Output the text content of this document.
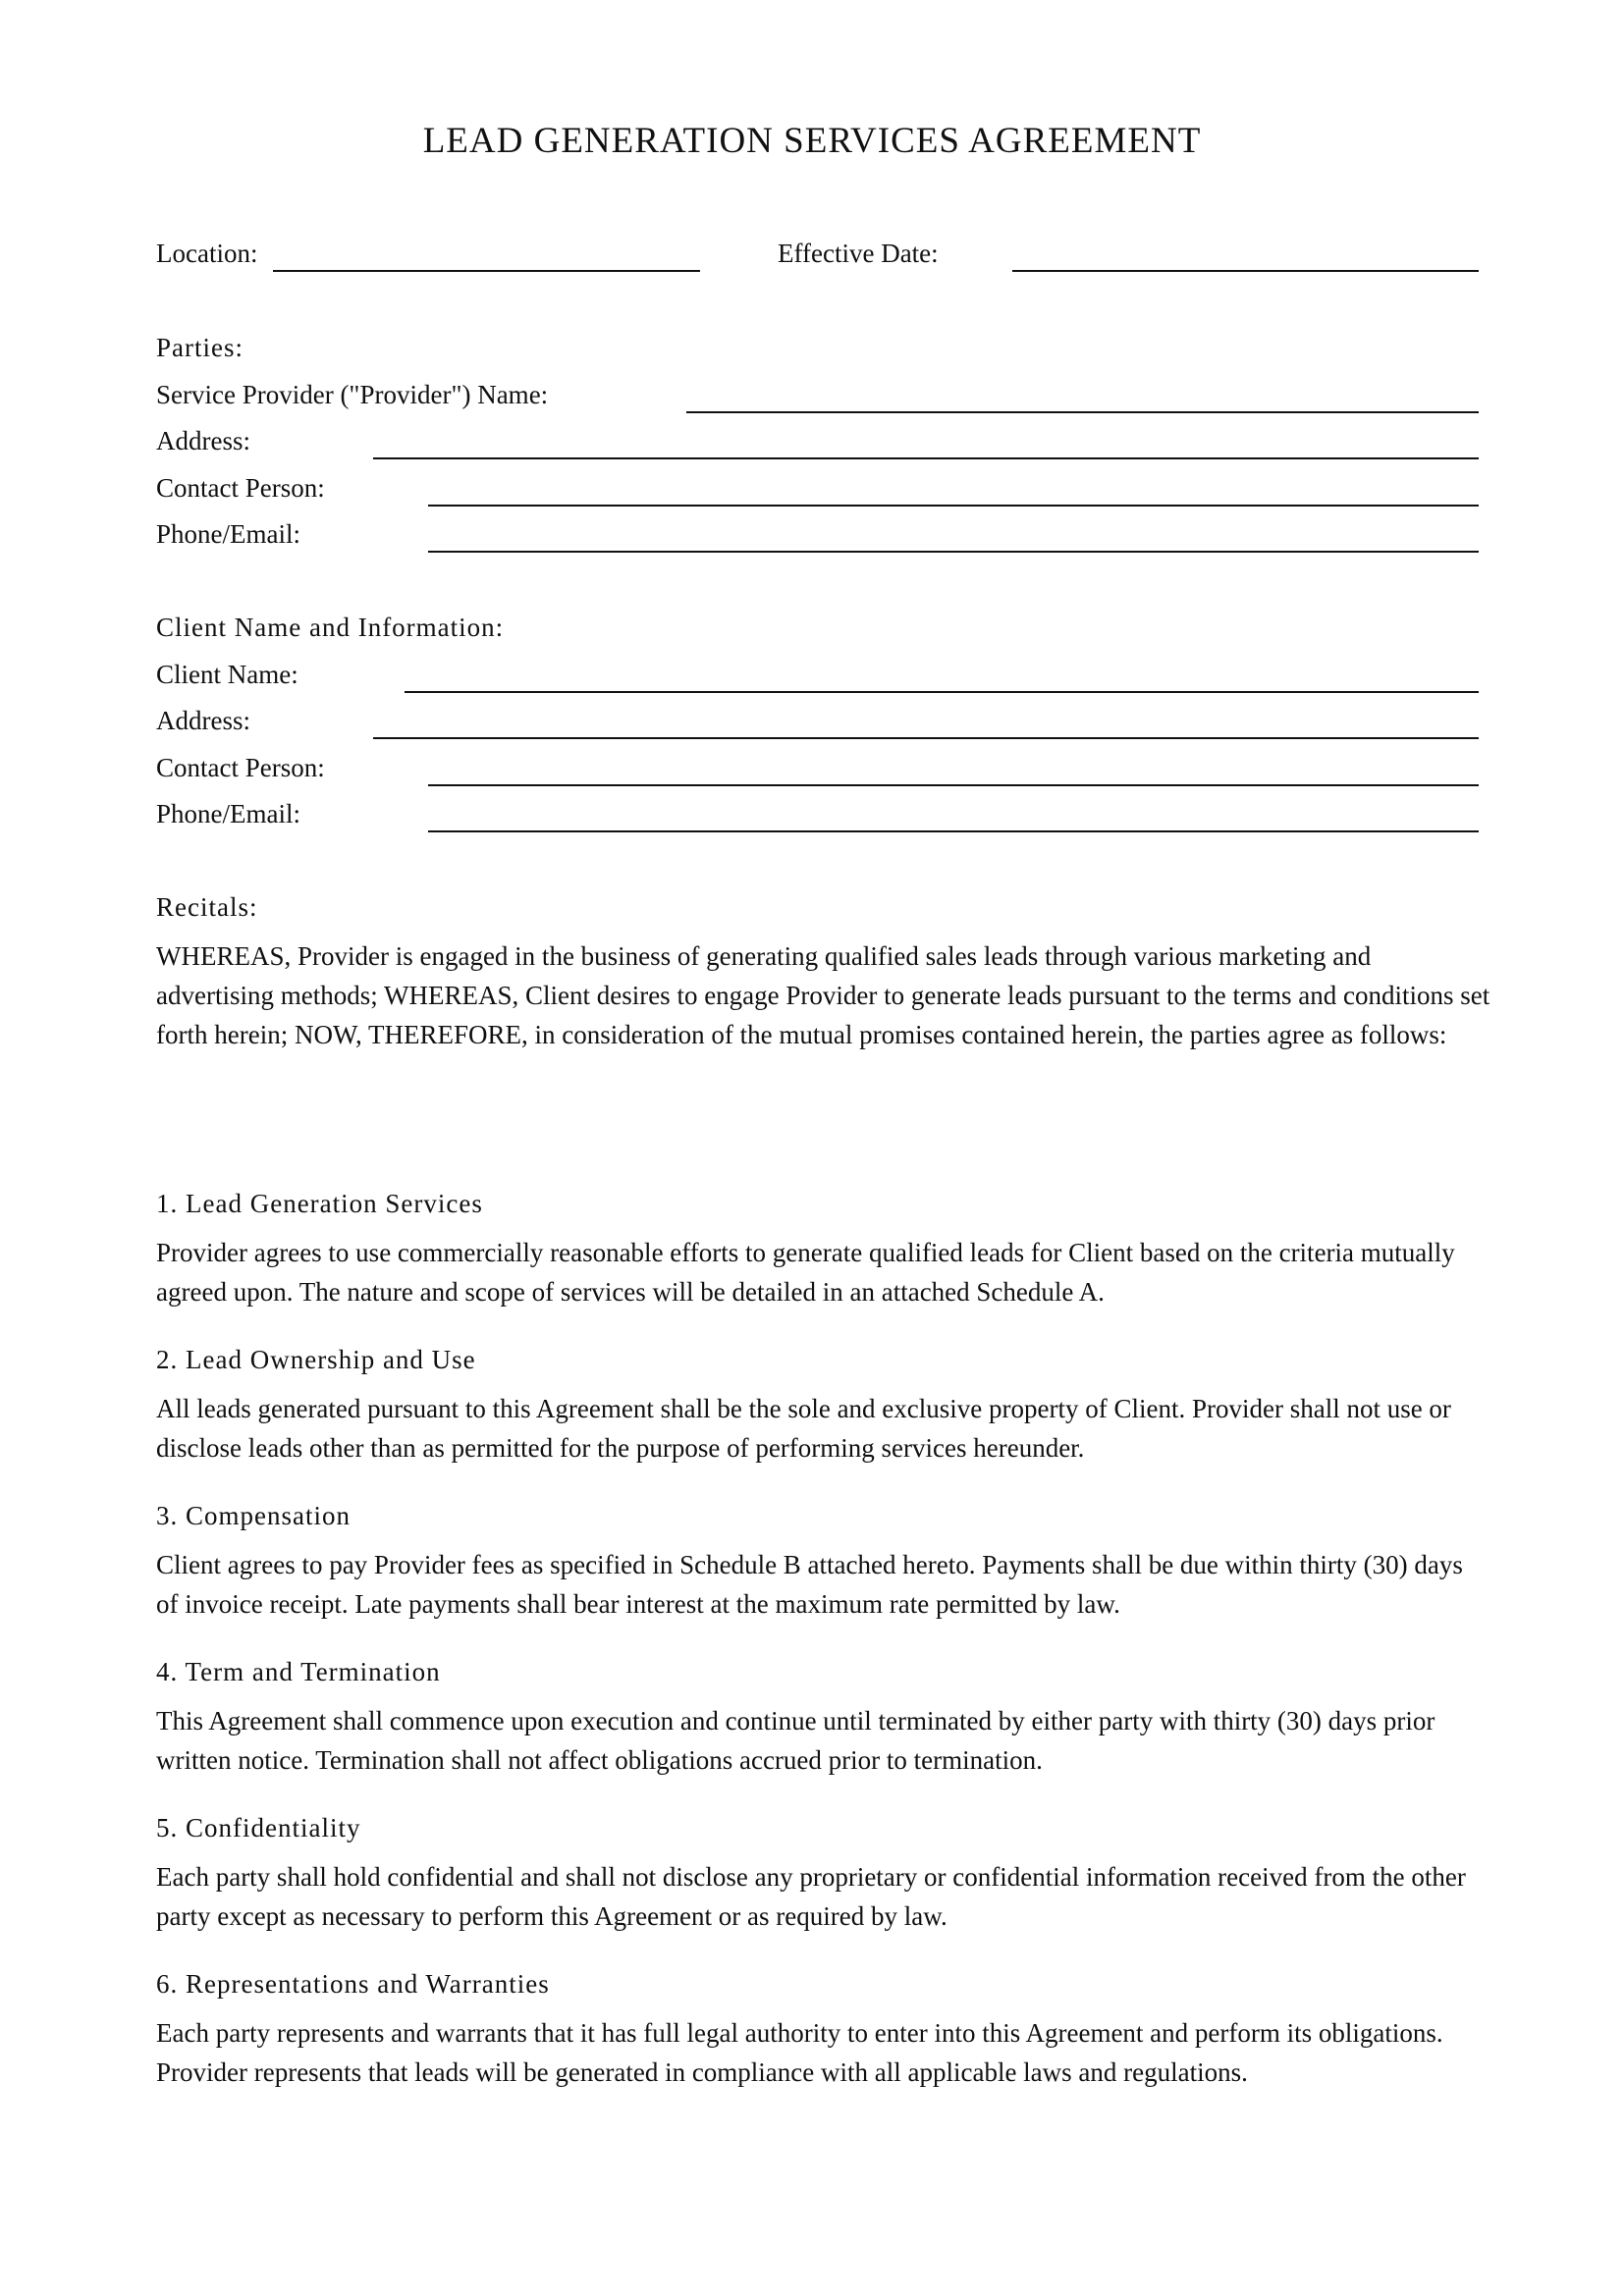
LEAD GENERATION SERVICES AGREEMENT
Location:	Effective Date:
Parties:
Service Provider ("Provider") Name:
Address:
Contact Person:
Phone/Email:
Client Name and Information:
Client Name:
Address:
Contact Person:
Phone/Email:
Recitals:
WHEREAS, Provider is engaged in the business of generating qualified sales leads through various marketing and advertising methods; WHEREAS, Client desires to engage Provider to generate leads pursuant to the terms and conditions set forth herein; NOW, THEREFORE, in consideration of the mutual promises contained herein, the parties agree as follows:
1. Lead Generation Services
Provider agrees to use commercially reasonable efforts to generate qualified leads for Client based on the criteria mutually agreed upon. The nature and scope of services will be detailed in an attached Schedule A.
2. Lead Ownership and Use
All leads generated pursuant to this Agreement shall be the sole and exclusive property of Client. Provider shall not use or disclose leads other than as permitted for the purpose of performing services hereunder.
3. Compensation
Client agrees to pay Provider fees as specified in Schedule B attached hereto. Payments shall be due within thirty (30) days of invoice receipt. Late payments shall bear interest at the maximum rate permitted by law.
4. Term and Termination
This Agreement shall commence upon execution and continue until terminated by either party with thirty (30) days prior written notice. Termination shall not affect obligations accrued prior to termination.
5. Confidentiality
Each party shall hold confidential and shall not disclose any proprietary or confidential information received from the other party except as necessary to perform this Agreement or as required by law.
6. Representations and Warranties
Each party represents and warrants that it has full legal authority to enter into this Agreement and perform its obligations. Provider represents that leads will be generated in compliance with all applicable laws and regulations.
